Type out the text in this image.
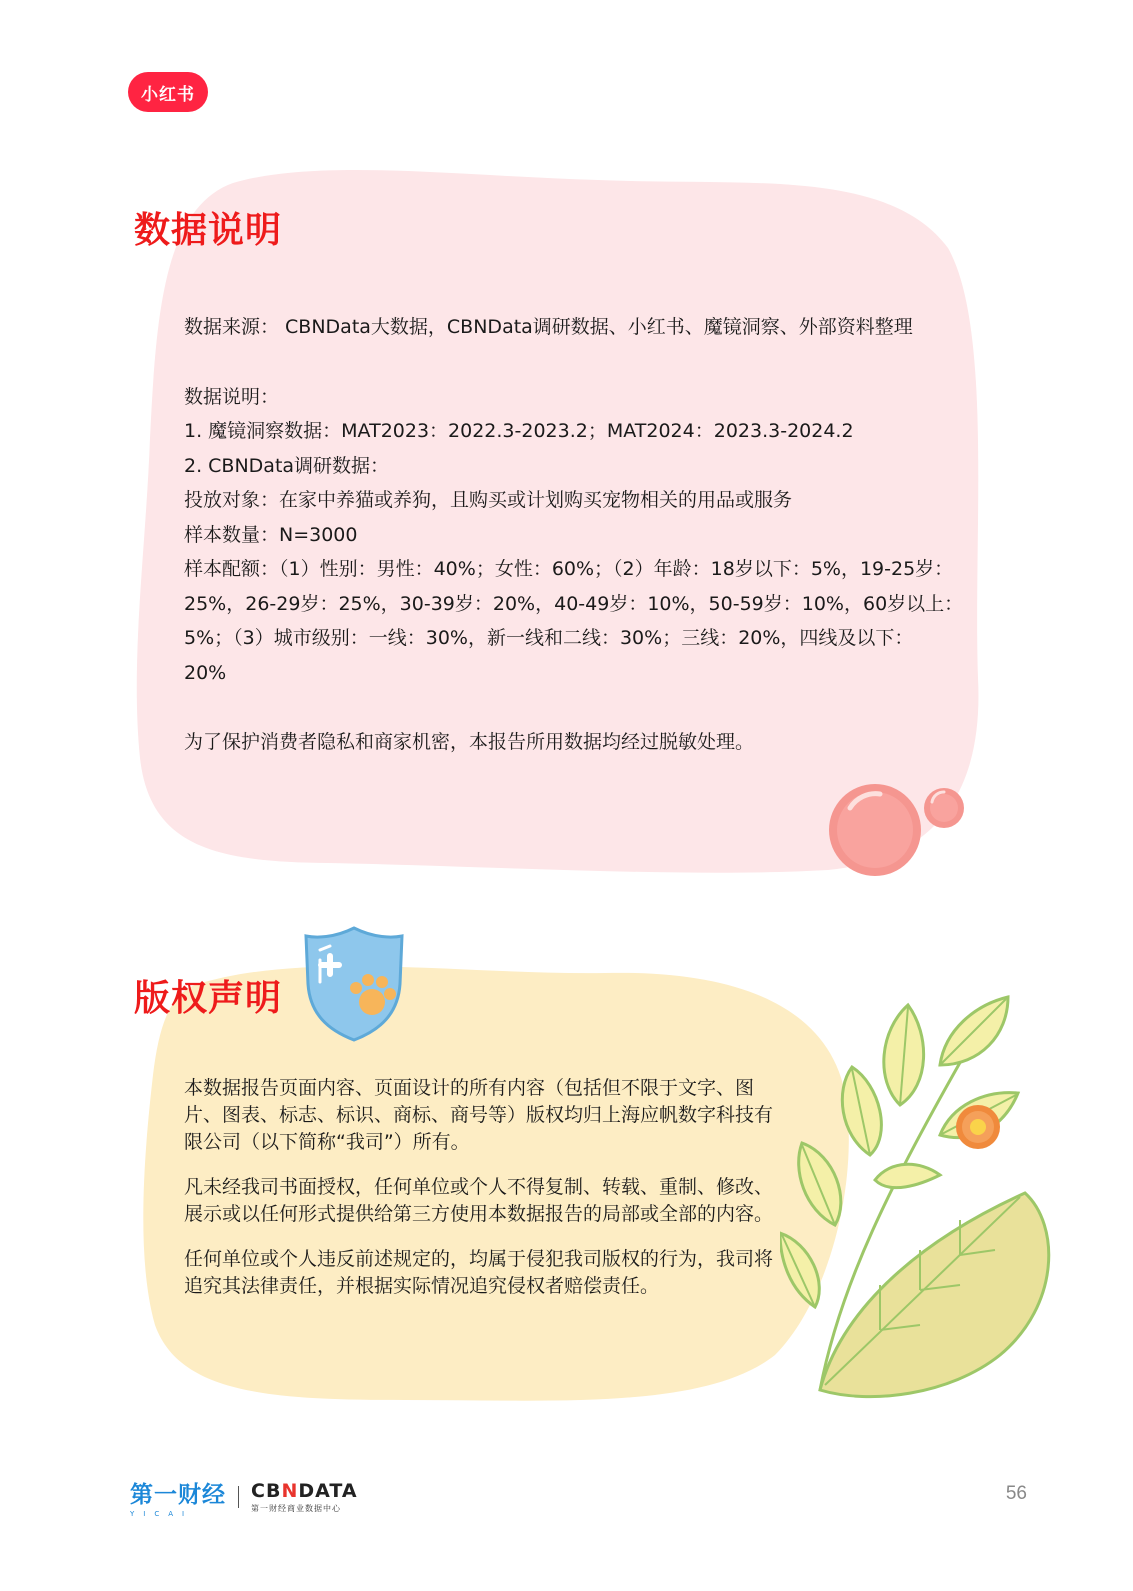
小红书
数据说明

数据来源： CBNData大数据，CBNData调研数据、小红书、魔镜洞察、外部资料整理

数据说明：

1. 魔镜洞察数据：MAT2023：2022.3-2023.2；MAT2024：2023.3-2024.2

2. CBNData调研数据：

投放对象：在家中养猫或养狗，且购买或计划购买宠物相关的用品或服务

样本数量：N=3000

样本配额：（1）性别：男性：40%；女性：60%；（2）年龄：18岁以下：5%，19-25岁：

25%，26-29岁：25%，30-39岁：20%，40-49岁：10%，50-59岁：10%，60岁以上：

5%；（3）城市级别：一线：30%，新一线和二线：30%；三线：20%，四线及以下：

20%

为了保护消费者隐私和商家机密，本报告所用数据均经过脱敏处理。

版权声明

本数据报告页面内容、页面设计的所有内容（包括但不限于文字、图片、图表、标志、标识、商标、商号等）版权均归上海应帆数字科技有限公司（以下简称“我司”）所有。

凡未经我司书面授权，任何单位或个人不得复制、转载、重制、修改、展示或以任何形式提供给第三方使用本数据报告的局部或全部的内容。

任何单位或个人违反前述规定的，均属于侵犯我司版权的行为，我司将追究其法律责任，并根据实际情况追究侵权者赔偿责任。

第一财经
YICAI
CBNDATA
第一财经商业数据中心
56
